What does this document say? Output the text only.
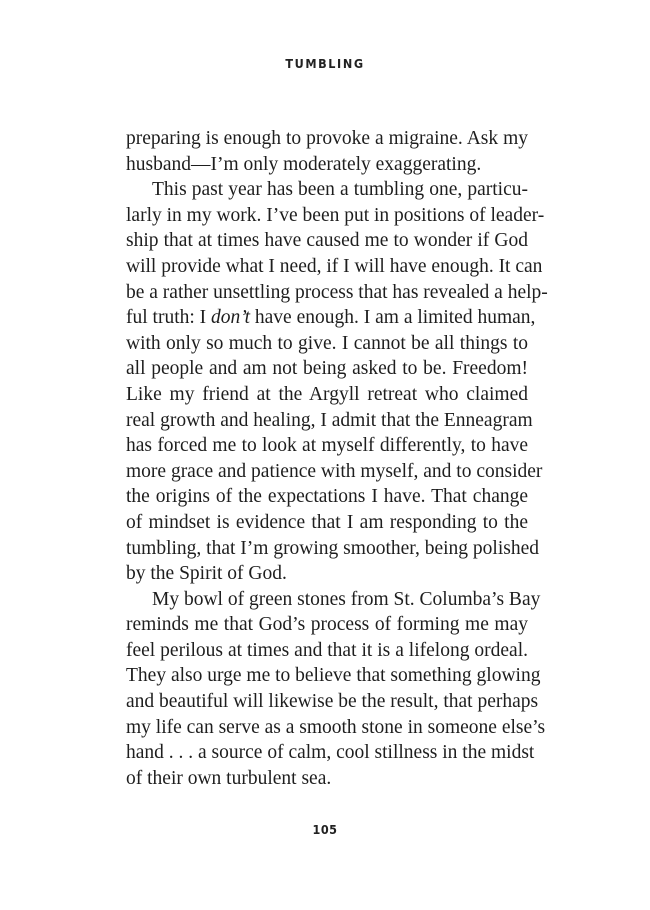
TUMBLING
preparing is enough to provoke a migraine. Ask my
husband—I’m only moderately exaggerating.
This past year has been a tumbling one, particu-
larly in my work. I’ve been put in positions of leader-
ship that at times have caused me to wonder if God
will provide what I need, if I will have enough. It can
be a rather unsettling process that has revealed a help-
ful truth: I don’t have enough. I am a limited human,
with only so much to give. I cannot be all things to
all people and am not being asked to be. Freedom!
Like my friend at the Argyll retreat who claimed
real growth and healing, I admit that the Enneagram
has forced me to look at myself differently, to have
more grace and patience with myself, and to consider
the origins of the expectations I have. That change
of mindset is evidence that I am responding to the
tumbling, that I’m growing smoother, being polished
by the Spirit of God.
My bowl of green stones from St. Columba’s Bay
reminds me that God’s process of forming me may
feel perilous at times and that it is a lifelong ordeal.
They also urge me to believe that something glowing
and beautiful will likewise be the result, that perhaps
my life can serve as a smooth stone in someone else’s
hand . . . a source of calm, cool stillness in the midst
of their own turbulent sea.
105
